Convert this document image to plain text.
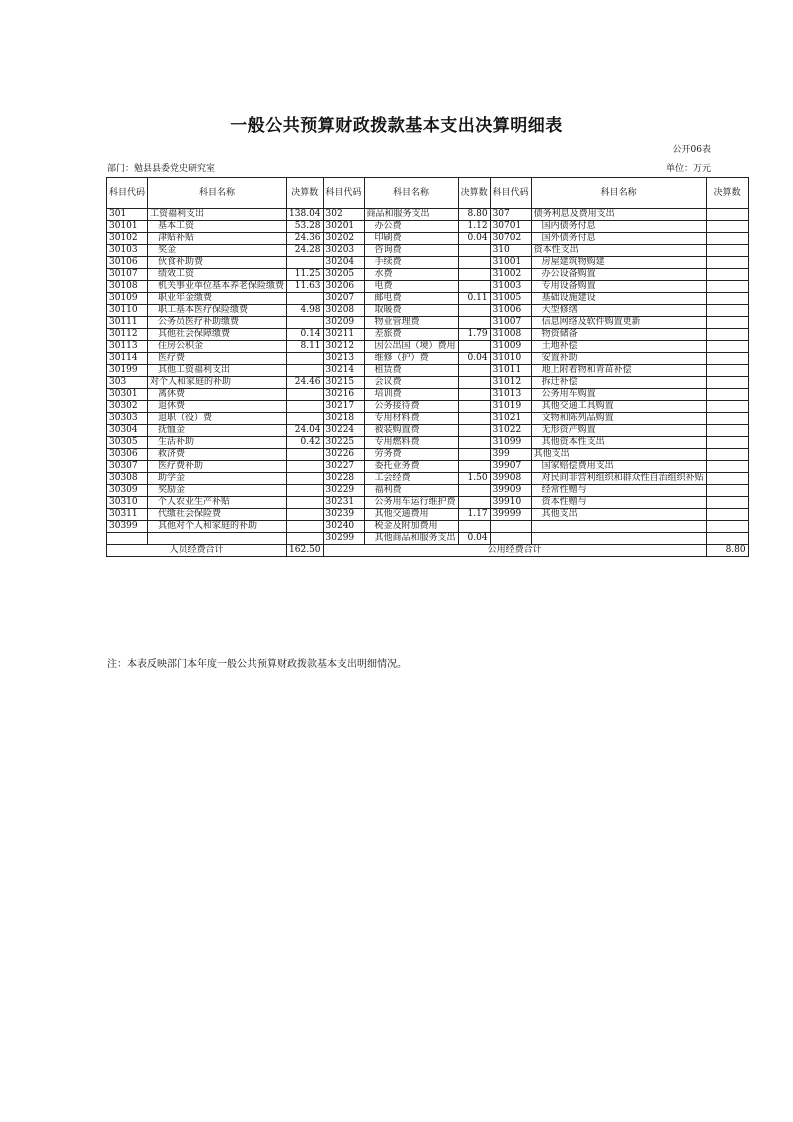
一般公共预算财政拨款基本支出决算明细表
公开06表
部门：勉县县委党史研究室	单位：万元
科目代码	科目名称	决算数	科目代码	科目名称	决算数	科目代码	科目名称	决算数
301	工资福利支出	138.04	302	商品和服务支出	8.80	307	债务利息及费用支出	
30101	基本工资	53.28	30201	办公费	1.12	30701	国内债务付息	
30102	津贴补贴	24.36	30202	印刷费	0.04	30702	国外债务付息	
30103	奖金	24.28	30203	咨询费		310	资本性支出	
30106	伙食补助费		30204	手续费		31001	房屋建筑物购建	
30107	绩效工资	11.25	30205	水费		31002	办公设备购置	
30108	机关事业单位基本养老保险缴费	11.63	30206	电费		31003	专用设备购置	
30109	职业年金缴费		30207	邮电费	0.11	31005	基础设施建设	
30110	职工基本医疗保险缴费	4.98	30208	取暖费		31006	大型修缮	
30111	公务员医疗补助缴费		30209	物业管理费		31007	信息网络及软件购置更新	
30112	其他社会保障缴费	0.14	30211	差旅费	1.79	31008	物资储备	
30113	住房公积金	8.11	30212	因公出国（境）费用		31009	土地补偿	
30114	医疗费		30213	维修（护）费	0.04	31010	安置补助	
30199	其他工资福利支出		30214	租赁费		31011	地上附着物和青苗补偿	
303	对个人和家庭的补助	24.46	30215	会议费		31012	拆迁补偿	
30301	离休费		30216	培训费		31013	公务用车购置	
30302	退休费		30217	公务接待费		31019	其他交通工具购置	
30303	退职（役）费		30218	专用材料费		31021	文物和陈列品购置	
30304	抚恤金	24.04	30224	被装购置费		31022	无形资产购置	
30305	生活补助	0.42	30225	专用燃料费		31099	其他资本性支出	
30306	救济费		30226	劳务费		399	其他支出	
30307	医疗费补助		30227	委托业务费		39907	国家赔偿费用支出	
30308	助学金		30228	工会经费	1.50	39908	对民间非营利组织和群众性自治组织补贴	
30309	奖励金		30229	福利费		39909	经常性赠与	
30310	个人农业生产补贴		30231	公务用车运行维护费		39910	资本性赠与	
30311	代缴社会保险费		30239	其他交通费用	1.17	39999	其他支出	
30399	其他对个人和家庭的补助		30240	税金及附加费用				
			30299	其他商品和服务支出	0.04			
人员经费合计		162.50	公用经费合计					8.80
注：本表反映部门本年度一般公共预算财政拨款基本支出明细情况。
